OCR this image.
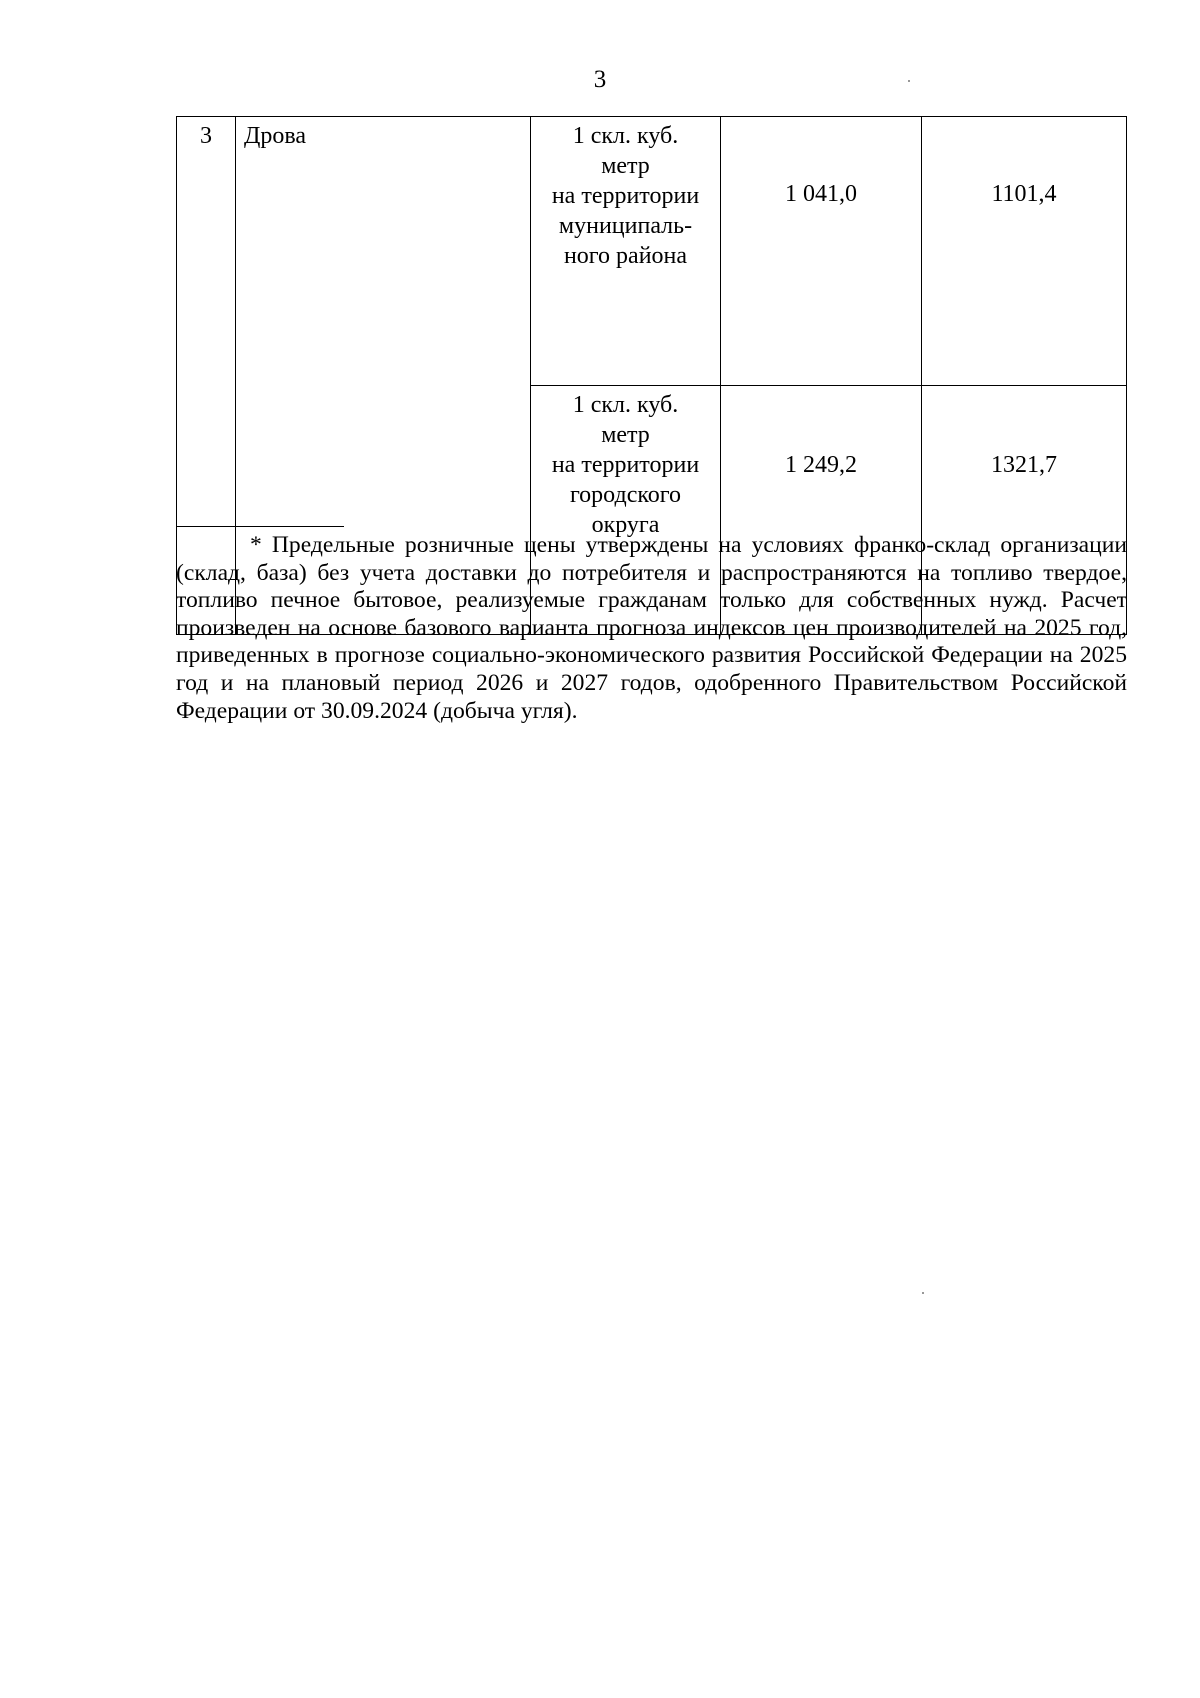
3
3	Дрова	1 скл. куб.
метр
на территории
муниципаль-
ного района	1 041,0	1101,4

		1 скл. куб.
метр
на территории
городского
округа	1 249,2	1321,7
* Предельные розничные цены утверждены на условиях франко-склад организации (склад, база) без учета доставки до потребителя и распространяются на топливо твердое, топливо печное бытовое, реализуемые гражданам только для собственных нужд. Расчет произведен на основе базового варианта прогноза индексов цен производителей на 2025 год, приведенных в прогнозе социально-экономического развития Российской Федерации на 2025 год и на плановый период 2026 и 2027 годов, одобренного Правительством Российской Федерации от 30.09.2024 (добыча угля).
